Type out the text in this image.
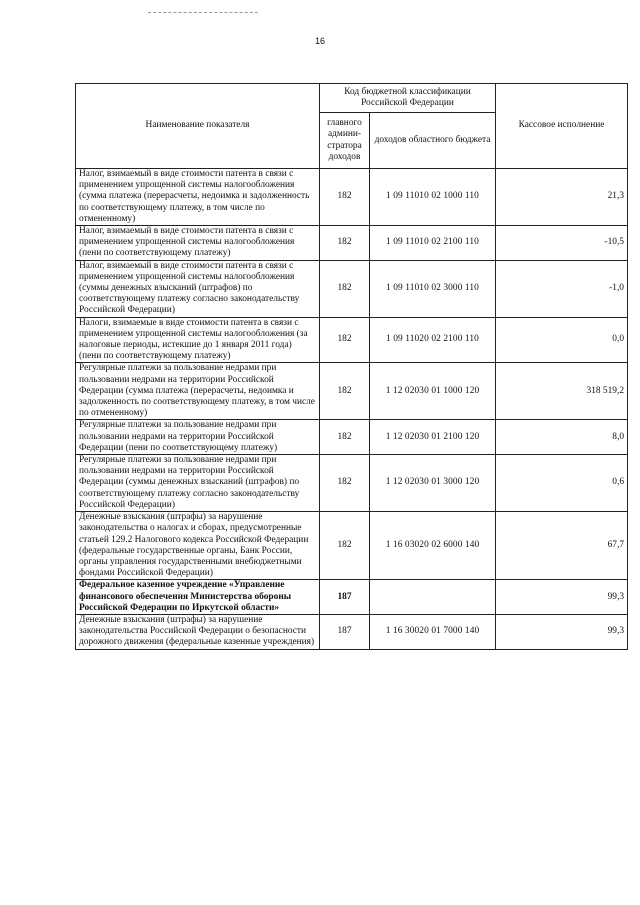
16
Наименование показателя	Код бюджетной классификации Российской Федерации		Кассовое исполнение
	главного админи-стратора доходов	доходов областного бюджета	
Налог, взимаемый в виде стоимости патента в связи с применением упрощенной системы налогообложения (сумма платежа (перерасчеты, недоимка и задолженность по соответствующему платежу, в том числе по отмененному)	182	1 09 11010 02 1000 110	21,3
Налог, взимаемый в виде стоимости патента в связи с применением упрощенной системы налогообложения (пени по соответствующему платежу)	182	1 09 11010 02 2100 110	-10,5
Налог, взимаемый в виде стоимости патента в связи с применением упрощенной системы налогообложения (суммы денежных взысканий (штрафов) по соответствующему платежу согласно законодательству Российской Федерации)	182	1 09 11010 02 3000 110	-1,0
Налоги, взимаемые в виде стоимости патента в связи с применением упрощенной системы налогообложения (за налоговые периоды, истекшие до 1 января 2011 года) (пени по соответствующему платежу)	182	1 09 11020 02 2100 110	0,0
Регулярные платежи за пользование недрами при пользовании недрами на территории Российской Федерации (сумма платежа (перерасчеты, недоимка и задолженность по соответствующему платежу, в том числе по отмененному)	182	1 12 02030 01 1000 120	318 519,2
Регулярные платежи за пользование недрами при пользовании недрами на территории Российской Федерации (пени по соответствующему платежу)	182	1 12 02030 01 2100 120	8,0
Регулярные платежи за пользование недрами при пользовании недрами на территории Российской Федерации (суммы денежных взысканий (штрафов) по соответствующему платежу согласно законодательству Российской Федерации)	182	1 12 02030 01 3000 120	0,6
Денежные взыскания (штрафы) за нарушение законодательства о налогах и сборах, предусмотренные статьей 129.2 Налогового кодекса Российской Федерации (федеральные государственные органы, Банк России, органы управления государственными внебюджетными фондами Российской Федерации)	182	1 16 03020 02 6000 140	67,7
Федеральное казенное учреждение «Управление финансового обеспечения Министерства обороны Российской Федерации по Иркутской области»	187		99,3
Денежные взыскания (штрафы) за нарушение законодательства Российской Федерации о безопасности дорожного движения (федеральные казенные учреждения)	187	1 16 30020 01 7000 140	99,3
